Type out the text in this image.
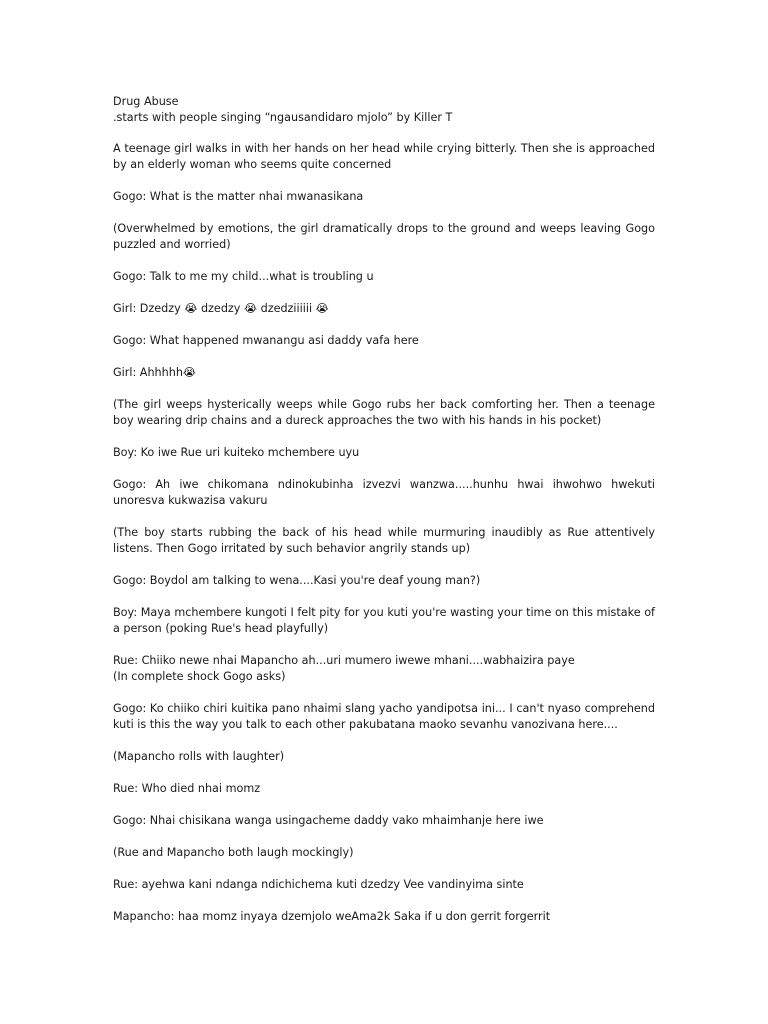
Drug Abuse
.starts with people singing “ngausandidaro mjolo” by Killer T

A teenage girl walks in with her hands on her head while crying bitterly. Then she is approached by an elderly woman who seems quite concerned

Gogo: What is the matter nhai mwanasikana

(Overwhelmed by emotions, the girl dramatically drops to the ground and weeps leaving Gogo puzzled and worried)

Gogo: Talk to me my child...what is troubling u

Girl: Dzedzy 😭 dzedzy 😭 dzedziiiiii 😭

Gogo: What happened mwanangu asi daddy vafa here

Girl: Ahhhhh😭

(The girl weeps hysterically weeps while Gogo rubs her back comforting her. Then a teenage boy wearing drip chains and a dureck approaches the two with his hands in his pocket)

Boy: Ko iwe Rue uri kuiteko mchembere uyu

Gogo: Ah iwe chikomana ndinokubinha izvezvi wanzwa.....hunhu hwai ihwohwo hwekuti unoresva kukwazisa vakuru

(The boy starts rubbing the back of his head while murmuring inaudibly as Rue attentively listens. Then Gogo irritated by such behavior angrily stands up)

Gogo: Boydol am talking to wena....Kasi you're deaf young man?)

Boy: Maya mchembere kungoti I felt pity for you kuti you're wasting your time on this mistake of a person (poking Rue's head playfully)

Rue: Chiiko newe nhai Mapancho ah...uri mumero iwewe mhani....wabhaizira paye
(In complete shock Gogo asks)

Gogo: Ko chiiko chiri kuitika pano nhaimi slang yacho yandipotsa ini... I can't nyaso comprehend kuti is this the way you talk to each other pakubatana maoko sevanhu vanozivana here....

(Mapancho rolls with laughter)

Rue: Who died nhai momz

Gogo: Nhai chisikana wanga usingacheme daddy vako mhaimhanje here iwe

(Rue and Mapancho both laugh mockingly)

Rue: ayehwa kani ndanga ndichichema kuti dzedzy Vee vandinyima sinte

Mapancho: haa momz inyaya dzemjolo weAma2k Saka if u don gerrit forgerrit
